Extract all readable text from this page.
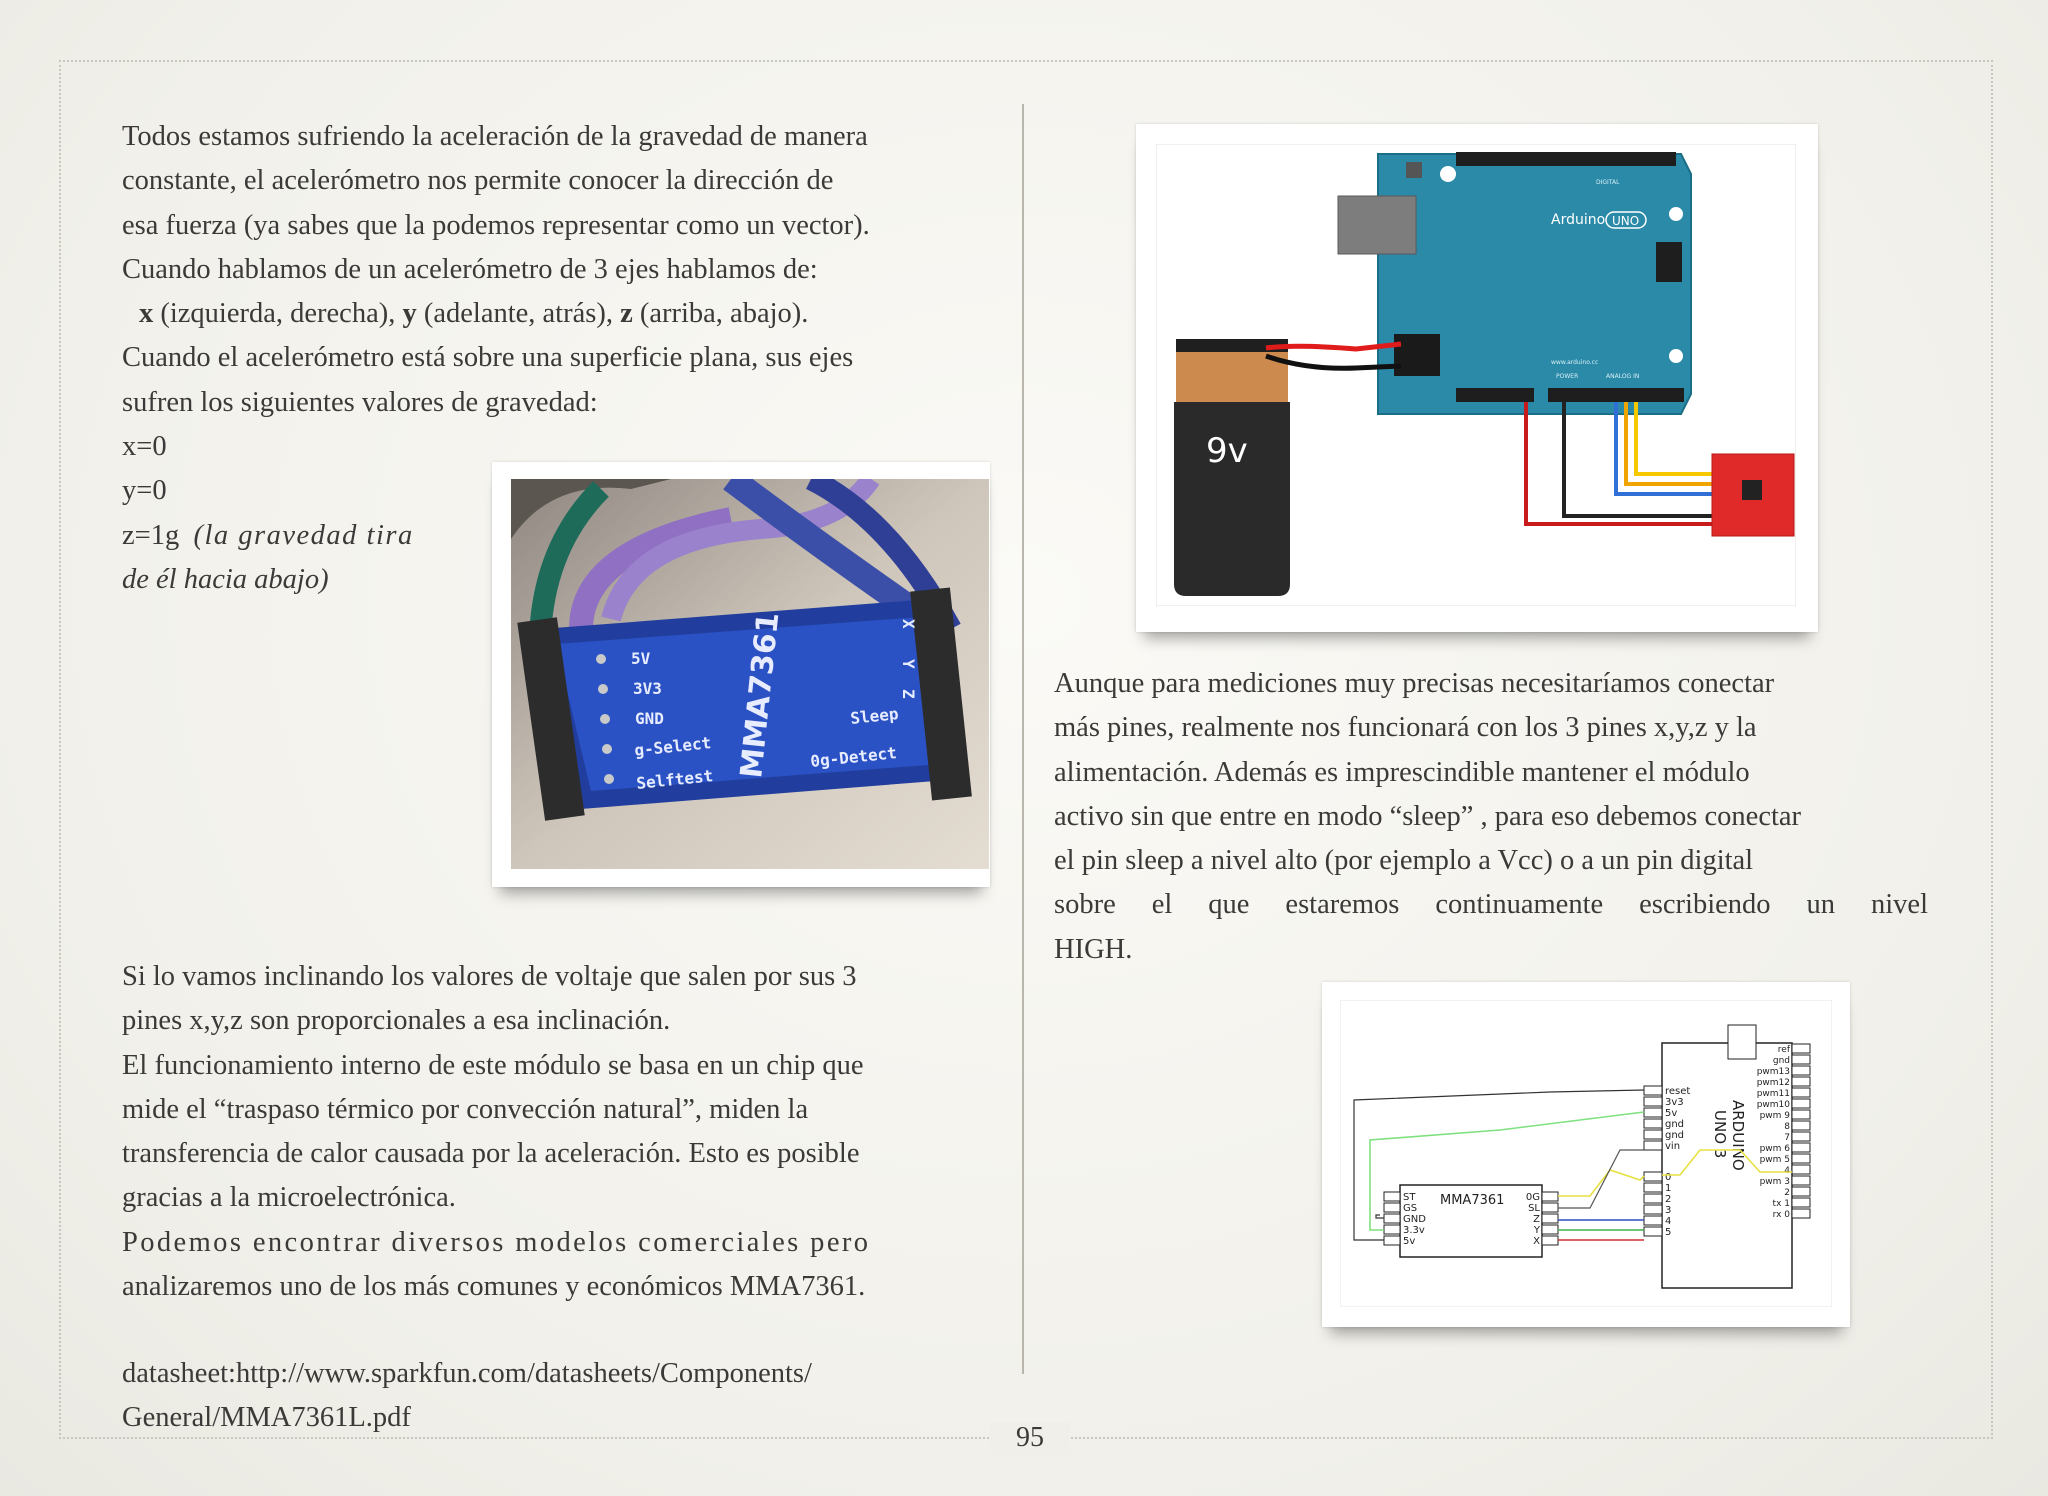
Todos estamos sufriendo la aceleración de la gravedad de manera

constante, el acelerómetro nos permite conocer la dirección de

esa fuerza (ya sabes que la podemos representar como un vector).

Cuando hablamos de un acelerómetro de 3 ejes hablamos de:

x (izquierda, derecha), y (adelante, atrás), z (arriba, abajo).

Cuando el acelerómetro está sobre una superficie plana, sus ejes

sufren los siguientes valores de gravedad:

x=0

y=0

z=1g (la gravedad tira

de él hacia abajo)

5V
3V3
GND
g-Select
Selftest
Sleep
0g-Detect
X
Y
Z
MMA7361

Si lo vamos inclinando los valores de voltaje que salen por sus 3

pines x,y,z son proporcionales a esa inclinación.

El funcionamiento interno de este módulo se basa en un chip que

mide el “traspaso térmico por convección natural”, miden la

transferencia de calor causada por la aceleración. Esto es posible

gracias a la microelectrónica.

Podemos encontrar diversos modelos comerciales pero

analizaremos uno de los más comunes y económicos MMA7361.

datasheet:http://www.sparkfun.com/datasheets/Components/

General/MMA7361L.pdf

Arduino UNO
DIGITAL
POWER	ANALOG IN
www.arduino.cc
9v

Aunque para mediciones muy precisas necesitaríamos conectar

más pines, realmente nos funcionará con los 3 pines x,y,z y la

alimentación. Además es imprescindible mantener el módulo

activo sin que entre en modo “sleep” , para eso debemos conectar

el pin sleep a nivel alto (por ejemplo a Vcc) o a un pin digital

sobre el que estaremos continuamente escribiendo un nivel

HIGH.

reset
3v3
5v
gnd
gnd
vin
0
1
2
3
4
5
ref
gnd
pwm13
pwm12
pwm11
pwm10
pwm 9
8
7
pwm 6
pwm 5
4
pwm 3
2
tx 1
rx 0
ARDUINO
UNO 3
MMA7361
ST
GS
GND
3.3v
5v
0G
SL
Z
Y
X
95
